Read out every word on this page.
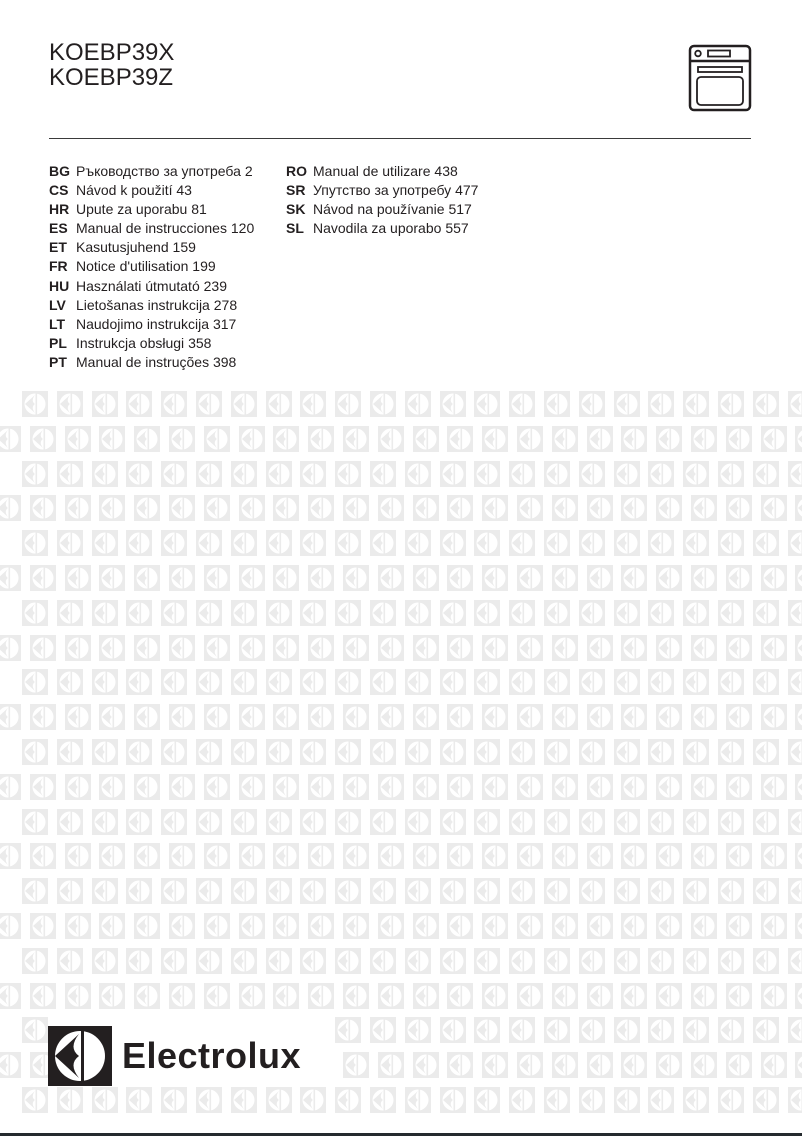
KOEBP39X
KOEBP39Z
BG Ръководство за употреба 2
CS Návod k použití 43
HR Upute za uporabu 81
ES Manual de instrucciones 120
ET Kasutusjuhend 159
FR Notice d'utilisation 199
HU Használati útmutató 239
LV Lietošanas instrukcija 278
LT Naudojimo instrukcija 317
PL Instrukcja obsługi 358
PT Manual de instruções 398
RO Manual de utilizare 438
SR Упутство за употребу 477
SK Návod na používanie 517
SL Navodila za uporabo 557
Electrolux
